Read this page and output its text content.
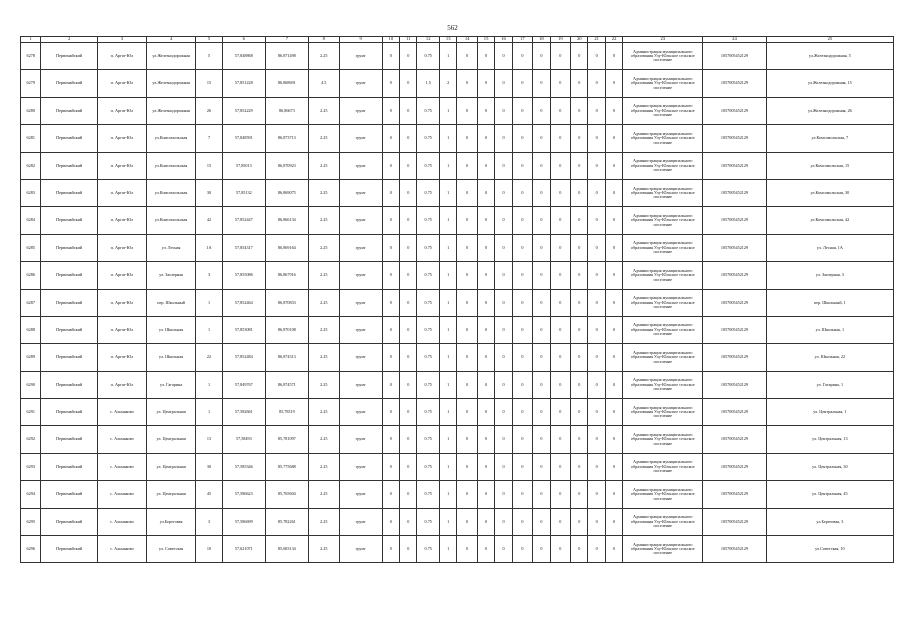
562
1	2	3	4	5	6	7	8	9	10	11	12	13	14	15	16	17	18	19	20	21	22	23	24	25
6278	Первомайский	п. Аргат-Юл	ул.Железнодорожная	5	57,848868	86,871498	2.25	грунт	0	0	0.75	1	0	0	0	0	0	0	0	0	0	Администрация муниципального образования Улу-Юльское сельское поселение	1057005452129	ул.Железнодорожная, 5
6279	Первомайский	п. Аргат-Юл	ул.Железнодорожная	15	57,851228	86,868691	4.5	грунт	0	0	1.5	2	0	0	0	0	0	0	0	0	0	Администрация муниципального образования Улу-Юльское сельское поселение	1057005452129	ул.Железнодорожная, 15
6280	Первомайский	п. Аргат-Юл	ул.Железнодорожная	26	57,852229	86,86673	2.25	грунт	0	0	0.75	1	0	0	0	0	0	0	0	0	0	Администрация муниципального образования Улу-Юльское сельское поселение	1057005452129	ул.Железнодорожная, 26
6281	Первомайский	п. Аргат-Юл	ул.Комсомольская	7	57,848591	86,873713	2.25	грунт	0	0	0.75	1	0	0	0	0	0	0	0	0	0	Администрация муниципального образования Улу-Юльское сельское поселение	1057005452129	ул.Комсомольская, 7
6282	Первомайский	п. Аргат-Юл	ул.Комсомольская	15	57,85013	86,870923	2.25	грунт	0	0	0.75	1	0	0	0	0	0	0	0	0	0	Администрация муниципального образования Улу-Юльское сельское поселение	1057005452129	ул.Комсомольская, 15
6283	Первомайский	п. Аргат-Юл	ул.Комсомольская	30	57,85132	86,869075	2.25	грунт	0	0	0.75	1	0	0	0	0	0	0	0	0	0	Администрация муниципального образования Улу-Юльское сельское поселение	1057005452129	ул.Комсомольская, 30
6284	Первомайский	п. Аргат-Юл	ул.Комсомольская	42	57,852447	86,866134	2.25	грунт	0	0	0.75	1	0	0	0	0	0	0	0	0	0	Администрация муниципального образования Улу-Юльское сельское поселение	1057005452129	ул.Комсомольская, 42
6285	Первомайский	п. Аргат-Юл	ул. Лесная	1А	57,854317	86,869164	2.25	грунт	0	0	0.75	1	0	0	0	0	0	0	0	0	0	Администрация муниципального образования Улу-Юльское сельское поселение	1057005452129	ул. Лесная, 1А
6286	Первомайский	п. Аргат-Юл	ул. Заозерная	3	57,855086	86,867916	2.25	грунт	0	0	0.75	1	0	0	0	0	0	0	0	0	0	Администрация муниципального образования Улу-Юльское сельское поселение	1057005452129	ул. Заозерная, 3
6287	Первомайский	п. Аргат-Юл	пер. Школьный	1	57,852464	86,870833	2.25	грунт	0	0	0.75	1	0	0	0	0	0	0	0	0	0	Администрация муниципального образования Улу-Юльское сельское поселение	1057005452129	пер. Школьный, 1
6288	Первомайский	п. Аргат-Юл	ул. Школьная	1	57,853081	86,870108	2.25	грунт	0	0	0.75	1	0	0	0	0	0	0	0	0	0	Администрация муниципального образования Улу-Юльское сельское поселение	1057005452129	ул. Школьная, 1
6289	Первомайский	п. Аргат-Юл	ул. Школьная	22	57,852484	86,874313	2.25	грунт	0	0	0.75	1	0	0	0	0	0	0	0	0	0	Администрация муниципального образования Улу-Юльское сельское поселение	1057005452129	ул. Школьная, 22
6290	Первомайский	п. Аргат-Юл	ул. Гагарина	1	57,849767	86,874571	2.25	грунт	0	0	0.75	1	0	0	0	0	0	0	0	0	0	Администрация муниципального образования Улу-Юльское сельское поселение	1057005452129	ул. Гагарина, 1
6291	Первомайский	с. Альмяково	ул. Центральная	1	57,582661	85,78319	2.25	грунт	0	0	0.75	1	0	0	0	0	0	0	0	0	0	Администрация муниципального образования Улу-Юльское сельское поселение	1057005452129	ул. Центральная, 1
6292	Первомайский	с. Альмяково	ул. Центральная	13	57,58493	85,781097	2.25	грунт	0	0	0.75	1	0	0	0	0	0	0	0	0	0	Администрация муниципального образования Улу-Юльское сельское поселение	1057005452129	ул. Центральная, 13
6293	Первомайский	с. Альмяково	ул. Центральная	30	57,585346	85,775688	2.25	грунт	0	0	0.75	1	0	0	0	0	0	0	0	0	0	Администрация муниципального образования Улу-Юльское сельское поселение	1057005452129	ул. Центральная, 30
6294	Первомайский	с. Альмяково	ул. Центральная	45	57,586623	85,765604	2.25	грунт	0	0	0.75	1	0	0	0	0	0	0	0	0	0	Администрация муниципального образования Улу-Юльское сельское поселение	1057005452129	ул. Центральная, 45
6295	Первомайский	с. Альмяково	ул.Береговая	3	57,586699	85,782261	2.25	грунт	0	0	0.75	1	0	0	0	0	0	0	0	0	0	Администрация муниципального образования Улу-Юльское сельское поселение	1057005452129	ул.Береговая, 3
6296	Первомайский	с. Альмяково	ул. Советская	10	57,621071	85,683134	2.25	грунт	0	0	0.75	1	0	0	0	0	0	0	0	0	0	Администрация муниципального образования Улу-Юльское сельское поселение	1057005452129	ул.Советская, 10
